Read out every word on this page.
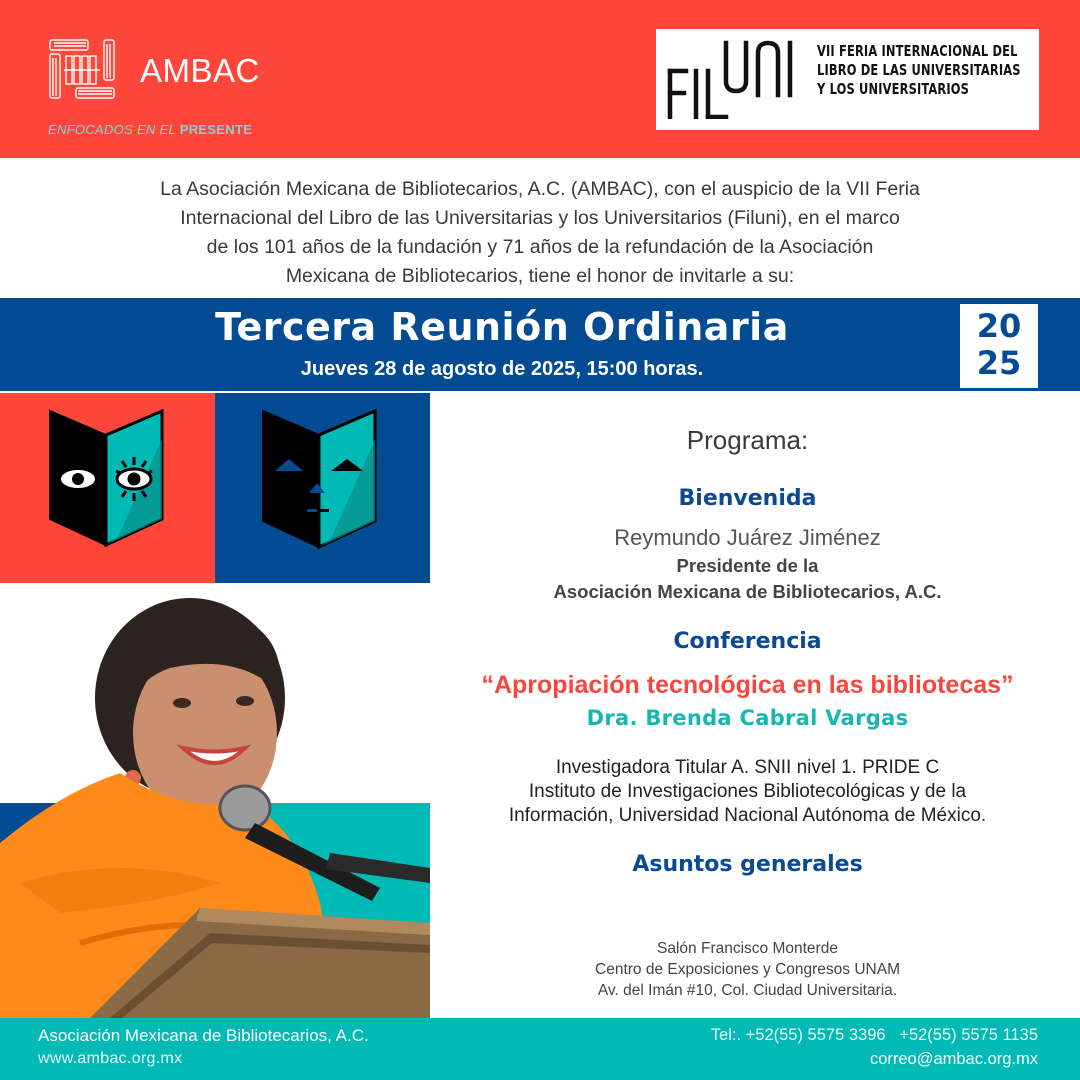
AMBAC
ENFOCADOS EN EL PRESENTE
VII FERIA INTERNACIONAL DEL
LIBRO DE LAS UNIVERSITARIAS
Y LOS UNIVERSITARIOS
La Asociación Mexicana de Bibliotecarios, A.C. (AMBAC), con el auspicio de la VII Feria
Internacional del Libro de las Universitarias y los Universitarios (Filuni), en el marco
de los 101 años de la fundación y 71 años de la refundación de la Asociación
Mexicana de Bibliotecarios, tiene el honor de invitarle a su:
Tercera Reunión Ordinaria
Jueves 28 de agosto de 2025, 15:00 horas.
20
25
Programa:
Bienvenida
Reymundo Juárez Jiménez
Presidente de la
Asociación Mexicana de Bibliotecarios, A.C.
Conferencia
“Apropiación tecnológica en las bibliotecas”
Dra. Brenda Cabral Vargas
Investigadora Titular A. SNII nivel 1. PRIDE C
Instituto de Investigaciones Bibliotecológicas y de la
Información, Universidad Nacional Autónoma de México.
Asuntos generales
Salón Francisco Monterde
Centro de Exposiciones y Congresos UNAM
Av. del Imán #10, Col. Ciudad Universitaria.
Asociación Mexicana de Bibliotecarios, A.C.
www.ambac.org.mx
Tel:. +52(55) 5575 3396   +52(55) 5575 1135
correo@ambac.org.mx
